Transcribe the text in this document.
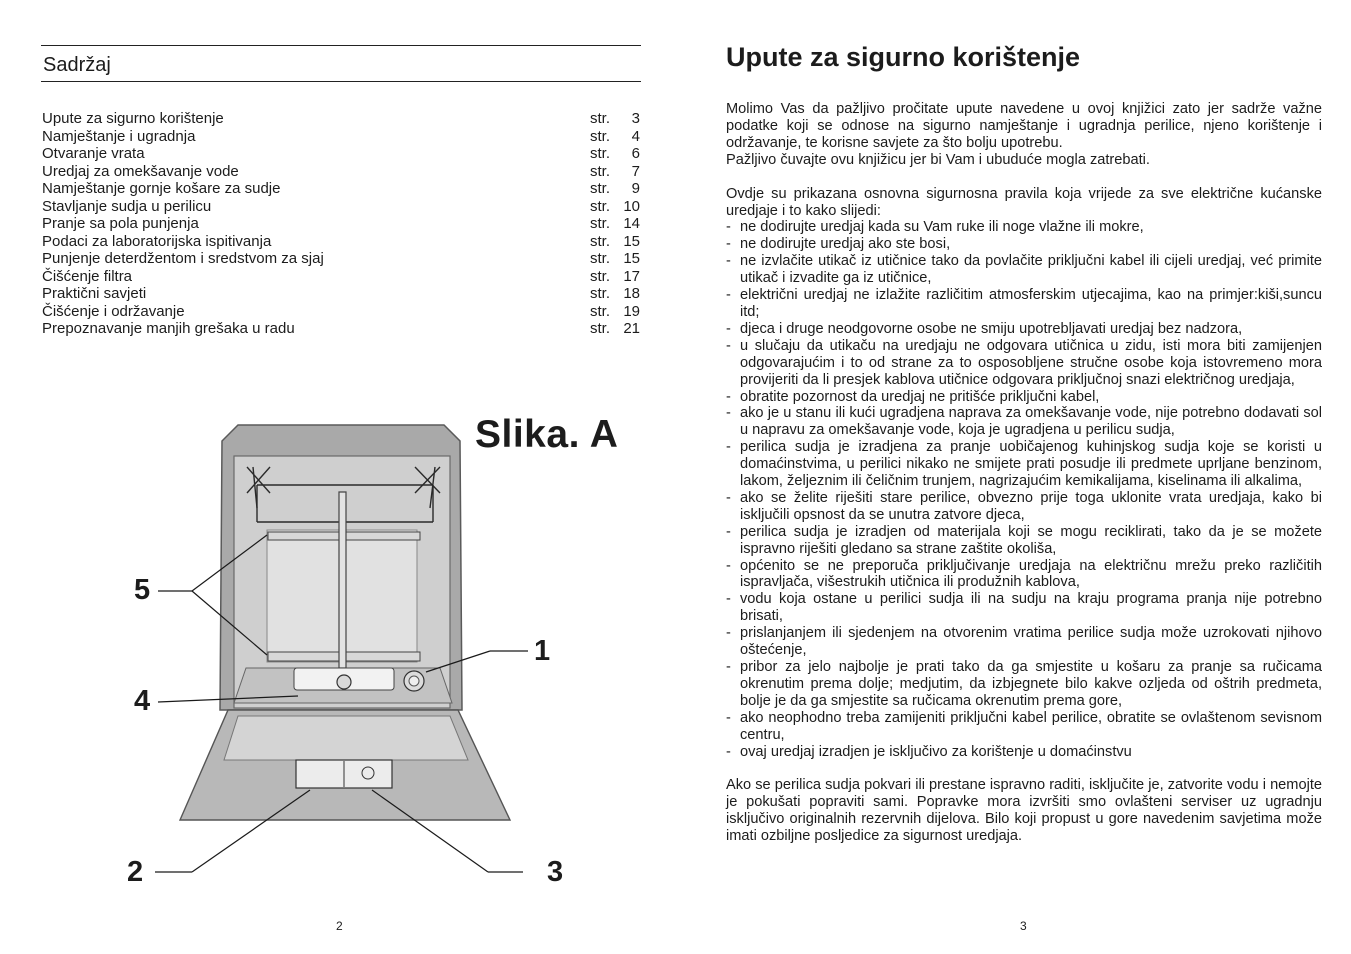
Sadržaj
Upute za sigurno korištenje	str.	3
Namještanje i ugradnja	str.	4
Otvaranje vrata	str.	6
Uredjaj za omekšavanje vode	str.	7
Namještanje gornje košare za sudje	str.	9
Stavljanje sudja u perilicu	str. 10
Pranje sa pola punjenja	str. 14
Podaci za laboratorijska ispitivanja	str. 15
Punjenje deterdžentom i sredstvom za sjaj	str. 15
Čišćenje filtra	str. 17
Praktični savjeti	str. 18
Čišćenje i održavanje	str. 19
Prepoznavanje manjih grešaka u radu	str. 21
Slika. A
5
1
4
2	3
2
Upute za sigurno korištenje

Molimo Vas da pažljivo pročitate upute navedene u ovoj knjižici zato jer sadrže važne podatke koji se odnose na sigurno namještanje i ugradnja perilice, njeno korištenje i održavanje, te korisne savjete za što bolju upotrebu.

Pažljivo čuvajte ovu knjižicu jer bi Vam i ubuduće mogla zatrebati.

Ovdje su prikazana osnovna sigurnosna pravila koja vrijede za sve električne kućanske uredjaje i to kako slijedi:

- ne dodirujte uredjaj kada su Vam ruke ili noge vlažne ili mokre,
- ne dodirujte uredjaj ako ste bosi,
- ne izvlačite utikač iz utičnice tako da povlačite priključni kabel ili cijeli uredjaj, već primite utikač i izvadite ga iz utičnice,
- električni uredjaj ne izlažite različitim atmosferskim utjecajima, kao na primjer:kiši,suncu itd;
- djeca i druge neodgovorne osobe ne smiju upotrebljavati uredjaj bez nadzora,
- u slučaju da utikaču na uredjaju ne odgovara utičnica u zidu, isti mora biti zamijenjen odgovarajućim i to od strane za to osposobljene stručne osobe koja istovremeno mora provijeriti da li presjek kablova utičnice odgovara priključnoj snazi električnog uredjaja,
- obratite pozornost da uredjaj ne pritišće priključni kabel,
- ako je u stanu ili kući ugradjena naprava za omekšavanje vode, nije potrebno dodavati sol u napravu za omekšavanje vode, koja je ugradjena u perilicu sudja,
- perilica sudja je izradjena za pranje uobičajenog kuhinjskog sudja koje se koristi u domaćinstvima, u perilici nikako ne smijete prati posudje ili predmete uprljane benzinom, lakom, željeznim ili čeličnim trunjem, nagrizajućim kemikalijama, kiselinama ili alkalima,
- ako se želite riješiti stare perilice, obvezno prije toga uklonite vrata uredjaja, kako bi isključili opsnost da se unutra zatvore djeca,
- perilica sudja je izradjen od materijala koji se mogu reciklirati, tako da je se možete ispravno riješiti gledano sa strane zaštite okoliša,
- općenito se ne preporuča priključivanje uredjaja na električnu mrežu preko različitih ispravljača, višestrukih utičnica ili produžnih kablova,
- vodu koja ostane u perilici sudja ili na sudju na kraju programa pranja nije potrebno brisati,
- prislanjanjem ili sjedenjem na otvorenim vratima perilice sudja može uzrokovati njihovo oštećenje,
- pribor za jelo najbolje je prati tako da ga smjestite u košaru za pranje sa ručicama okrenutim prema dolje; medjutim, da izbjegnete bilo kakve ozljeda od oštrih predmeta, bolje je da ga smjestite sa ručicama okrenutim prema gore,
- ako neophodno treba zamijeniti priključni kabel perilice, obratite se ovlaštenom sevisnom centru,
- ovaj uredjaj izradjen je isključivo za korištenje u domaćinstvu

Ako se perilica sudja pokvari ili prestane ispravno raditi, isključite je, zatvorite vodu i nemojte je pokušati popraviti sami. Popravke mora izvršiti smo ovlašteni serviser uz ugradnju isključivo originalnih rezervnih dijelova. Bilo koji propust u gore navedenim savjetima može imati ozbiljne posljedice za sigurnost uredjaja.

3
